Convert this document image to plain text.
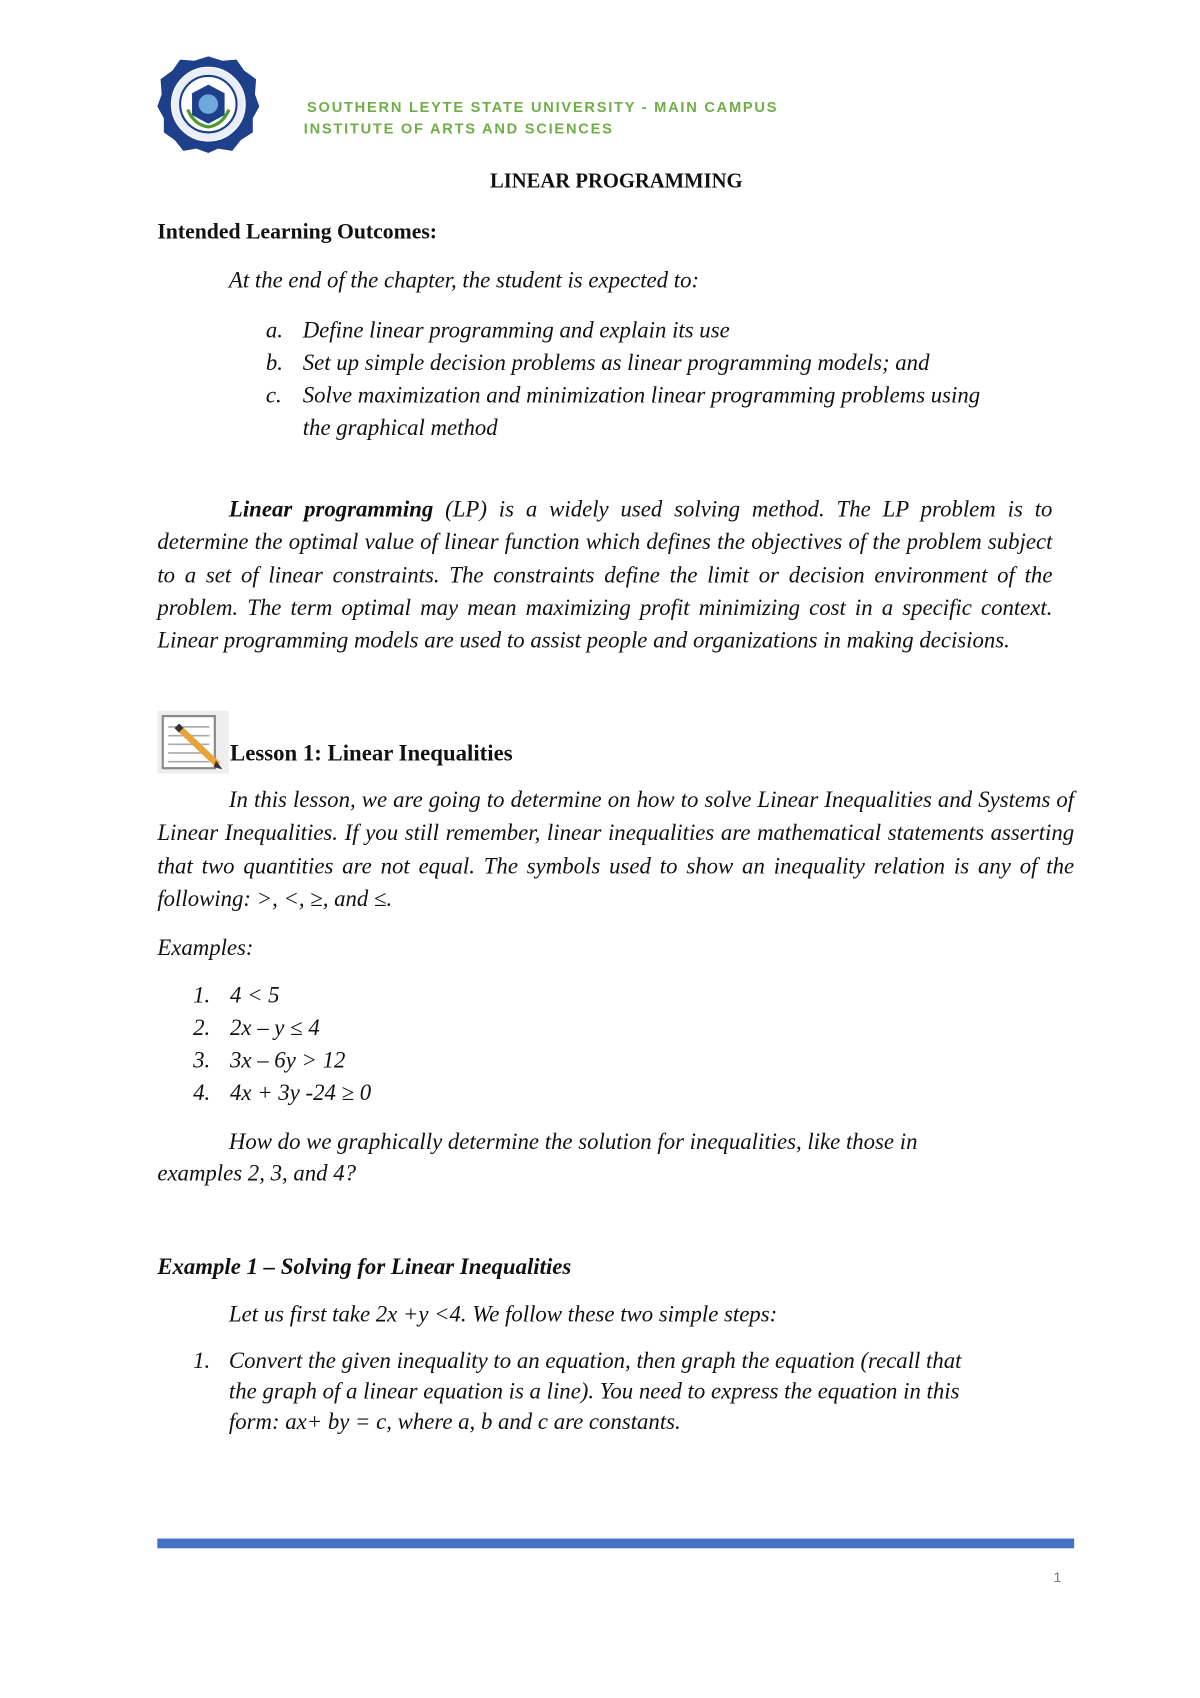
SOUTHERN LEYTE STATE UNIVERSITY - MAIN CAMPUS
INSTITUTE OF ARTS AND SCIENCES
LINEAR PROGRAMMING
Intended Learning Outcomes:
At the end of the chapter, the student is expected to:
a. Define linear programming and explain its use
b. Set up simple decision problems as linear programming models; and
c. Solve maximization and minimization linear programming problems using
the graphical method
Linear programming (LP) is a widely used solving method. The LP problem is to determine the optimal value of linear function which defines the objectives of the problem subject to a set of linear constraints. The constraints define the limit or decision environment of the problem. The term optimal may mean maximizing profit minimizing cost in a specific context. Linear programming models are used to assist people and organizations in making decisions.
Lesson 1: Linear Inequalities
In this lesson, we are going to determine on how to solve Linear Inequalities and Systems of Linear Inequalities. If you still remember, linear inequalities are mathematical statements asserting that two quantities are not equal. The symbols used to show an inequality relation is any of the following: >, <, ≥, and ≤.
Examples:
1. 4 < 5
2. 2x – y ≤ 4
3. 3x – 6y > 12
4. 4x + 3y -24 ≥ 0
How do we graphically determine the solution for inequalities, like those in
examples 2, 3, and 4?
Example 1 – Solving for Linear Inequalities
Let us first take 2x +y <4. We follow these two simple steps:
1. Convert the given inequality to an equation, then graph the equation (recall that
the graph of a linear equation is a line). You need to express the equation in this
form: ax+ by = c, where a, b and c are constants.
1
